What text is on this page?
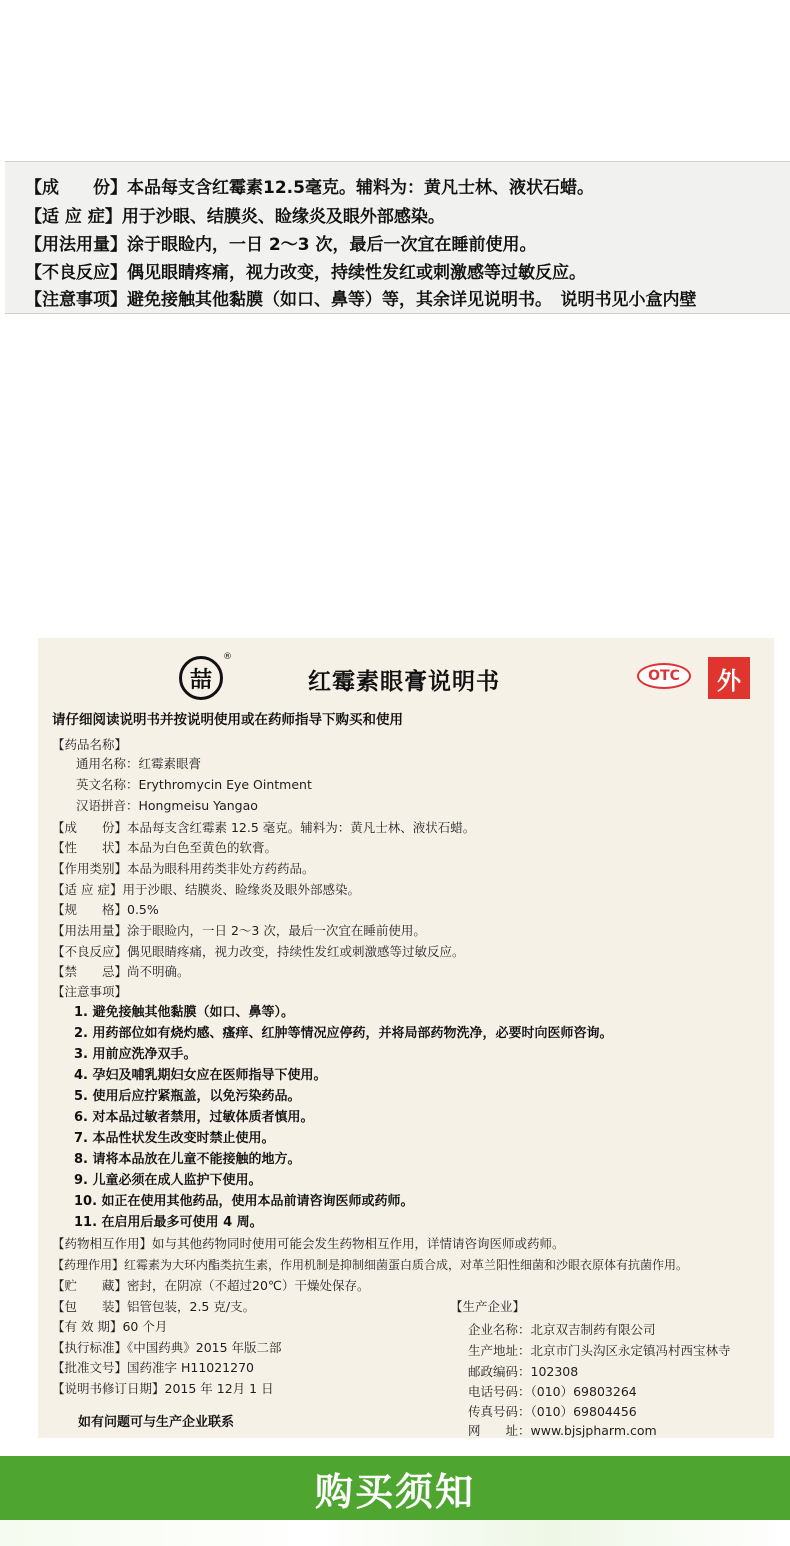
【成　　份】本品每支含红霉素12.5毫克。辅料为：黄凡士林、液状石蜡。
【适 应 症】用于沙眼、结膜炎、睑缘炎及眼外部感染。
【用法用量】涂于眼睑内，一日 2～3 次，最后一次宜在睡前使用。
【不良反应】偶见眼睛疼痛，视力改变，持续性发红或刺激感等过敏反应。
【注意事项】避免接触其他黏膜（如口、鼻等）等，其余详见说明书。　说明书见小盒内壁
喆
®
红霉素眼膏说明书	OTC	外
请仔细阅读说明书并按说明使用或在药师指导下购买和使用
【药品名称】
通用名称：红霉素眼膏
英文名称：Erythromycin Eye Ointment
汉语拼音：Hongmeisu Yangao
【成　　份】本品每支含红霉素 12.5 毫克。辅料为：黄凡士林、液状石蜡。
【性　　状】本品为白色至黄色的软膏。
【作用类别】本品为眼科用药类非处方药药品。
【适 应 症】用于沙眼、结膜炎、睑缘炎及眼外部感染。
【规　　格】0.5%
【用法用量】涂于眼睑内，一日 2～3 次，最后一次宜在睡前使用。
【不良反应】偶见眼睛疼痛，视力改变，持续性发红或刺激感等过敏反应。
【禁　　忌】尚不明确。
【注意事项】
1. 避免接触其他黏膜（如口、鼻等）。
2. 用药部位如有烧灼感、瘙痒、红肿等情况应停药，并将局部药物洗净，必要时向医师咨询。
3. 用前应洗净双手。
4. 孕妇及哺乳期妇女应在医师指导下使用。
5. 使用后应拧紧瓶盖，以免污染药品。
6. 对本品过敏者禁用，过敏体质者慎用。
7. 本品性状发生改变时禁止使用。
8. 请将本品放在儿童不能接触的地方。
9. 儿童必须在成人监护下使用。
10. 如正在使用其他药品，使用本品前请咨询医师或药师。
11. 在启用后最多可使用 4 周。
【药物相互作用】如与其他药物同时使用可能会发生药物相互作用，详情请咨询医师或药师。
【药理作用】红霉素为大环内酯类抗生素，作用机制是抑制细菌蛋白质合成，对革兰阳性细菌和沙眼衣原体有抗菌作用。
【贮　　藏】密封，在阴凉（不超过20℃）干燥处保存。
【包　　装】铝管包装，2.5 克/支。
【有 效 期】60 个月
【执行标准】《中国药典》2015 年版二部
【批准文号】国药准字 H11021270
【说明书修订日期】2015 年 12月 1 日
如有问题可与生产企业联系
【生产企业】
企业名称：北京双吉制药有限公司
生产地址：北京市门头沟区永定镇冯村西宝林寺
邮政编码：102308
电话号码：（010）69803264
传真号码：（010）69804456
网　　址：www.bjsjpharm.com
购买须知
